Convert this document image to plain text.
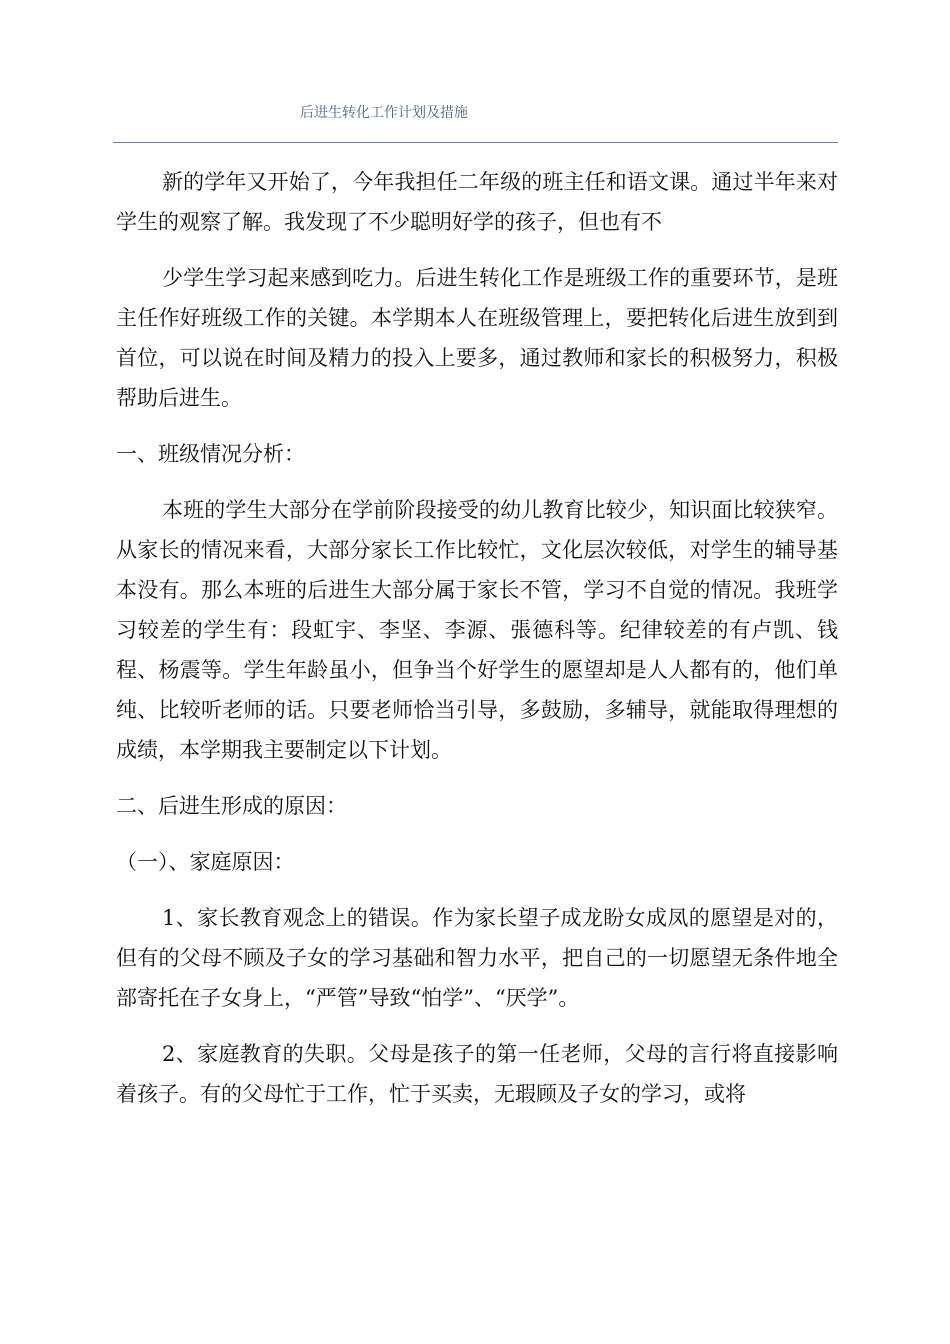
后进生转化工作计划及措施

新的学年又开始了，今年我担任二年级的班主任和语文课。通过半年来对学生的观察了解。我发现了不少聪明好学的孩子，但也有不

少学生学习起来感到吃力。后进生转化工作是班级工作的重要环节，是班主任作好班级工作的关键。本学期本人在班级管理上，要把转化后进生放到到首位，可以说在时间及精力的投入上要多，通过教师和家长的积极努力，积极帮助后进生。

一、班级情况分析：

本班的学生大部分在学前阶段接受的幼儿教育比较少，知识面比较狭窄。从家长的情况来看，大部分家长工作比较忙，文化层次较低，对学生的辅导基本没有。那么本班的后进生大部分属于家长不管，学习不自觉的情况。我班学习较差的学生有：段虹宇、李坚、李源、張德科等。纪律较差的有卢凯、钱程、杨震等。学生年龄虽小，但争当个好学生的愿望却是人人都有的，他们单纯、比较听老师的话。只要老师恰当引导，多鼓励，多辅导，就能取得理想的成绩，本学期我主要制定以下计划。

二、后进生形成的原因：

（一）、家庭原因：

1、家长教育观念上的错误。作为家长望子成龙盼女成凤的愿望是对的，但有的父母不顾及子女的学习基础和智力水平，把自己的一切愿望无条件地全部寄托在子女身上，“严管”导致“怕学”、“厌学”。

2、家庭教育的失职。父母是孩子的第一任老师，父母的言行将直接影响着孩子。有的父母忙于工作，忙于买卖，无瑕顾及子女的学习，或将
